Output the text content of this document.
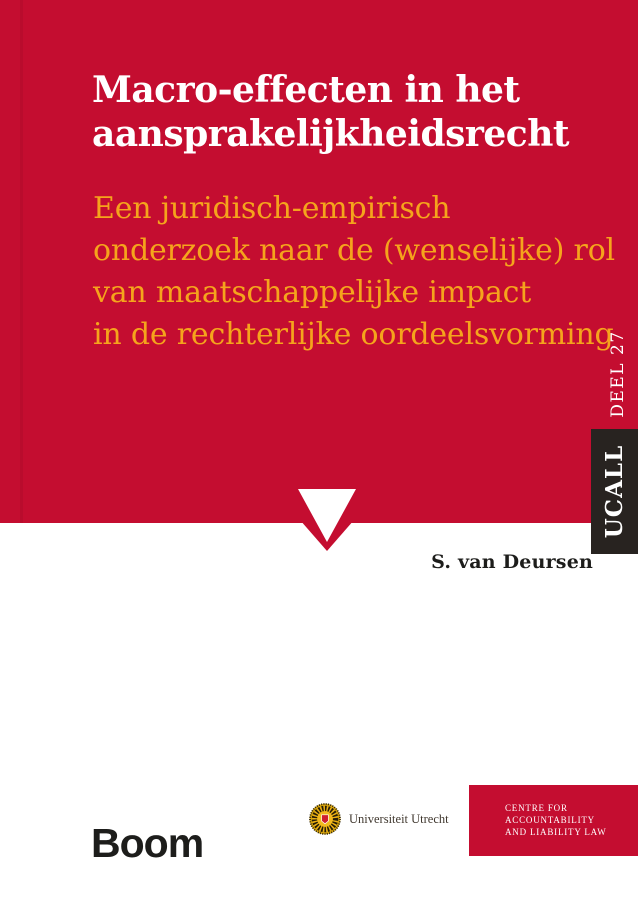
Macro-effecten in het
aansprakelijkheidsrecht
Een juridisch-empirisch
onderzoek naar de (wenselijke) rol
van maatschappelijke impact
in de rechterlijke oordeelsvorming
DEEL 27
UCALL
S. van Deursen
Boom
Universiteit Utrecht
CENTRE FOR
ACCOUNTABILITY
AND LIABILITY LAW
